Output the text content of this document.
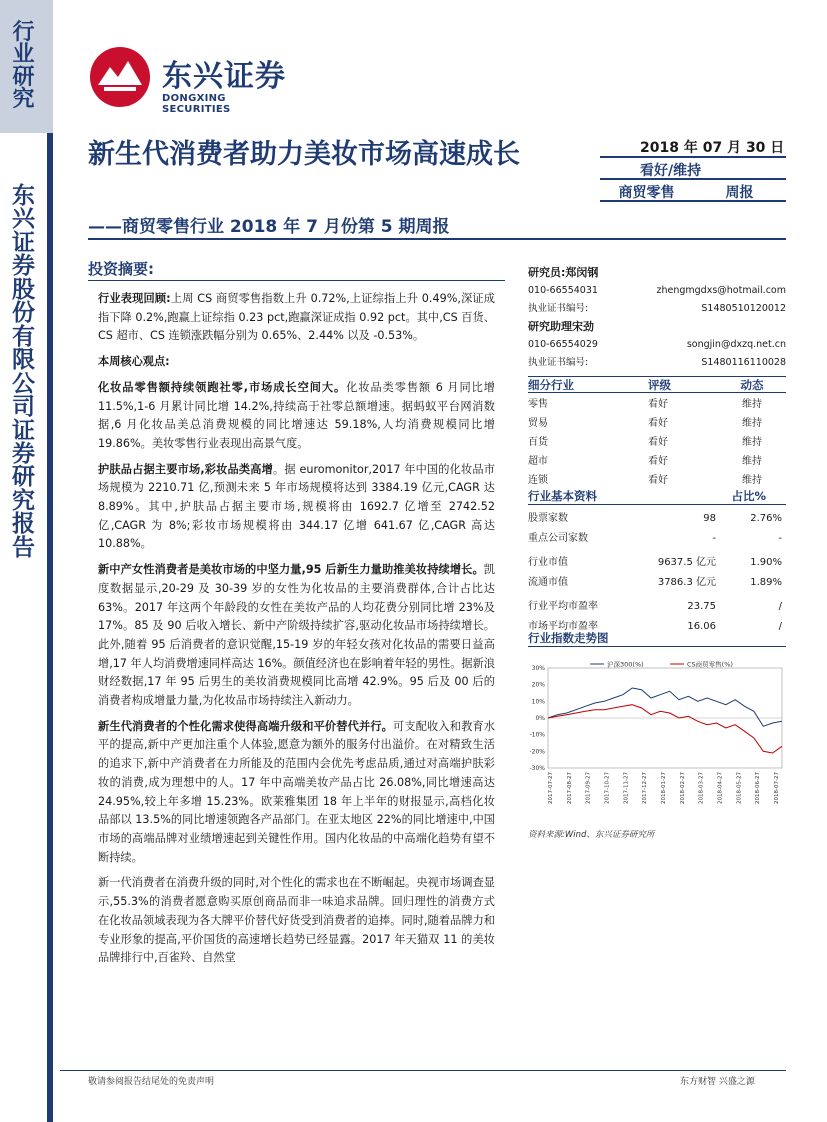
行
业
研
究
东
兴
证
券
股
份
有
限
公
司
证
券
研
究
报
告
东兴证券
DONGXING SECURITIES
新生代消费者助力美妆市场高速成长
——商贸零售行业 2018 年 7 月份第 5 期周报
2018 年 07 月 30 日
看好/维持
商贸零售	周报
投资摘要:

行业表现回顾:上周 CS 商贸零售指数上升 0.72%,上证综指上升 0.49%,深证成指下降 0.2%,跑赢上证综指 0.23 pct,跑赢深证成指 0.92 pct。其中,CS 百货、CS 超市、CS 连锁涨跌幅分别为 0.65%、2.44% 以及 -0.53%。

本周核心观点:

化妆品零售额持续领跑社零,市场成长空间大。化妆品类零售额 6 月同比增 11.5%,1-6 月累计同比增 14.2%,持续高于社零总额增速。据蚂蚁平台网消数据,6 月化妆品美总消费规模的同比增速达 59.18%,人均消费规模同比增 19.86%。美妆零售行业表现出高景气度。

护肤品占据主要市场,彩妆品类高增。据 euromonitor,2017 年中国的化妆品市场规模为 2210.71 亿,预测未来 5 年市场规模将达到 3384.19 亿元,CAGR 达 8.89%。其中,护肤品占据主要市场,规模将由 1692.7 亿增至 2742.52 亿,CAGR 为 8%;彩妆市场规模将由 344.17 亿增 641.67 亿,CAGR 高达 10.88%。

新中产女性消费者是美妆市场的中坚力量,95 后新生力量助推美妆持续增长。凯度数据显示,20-29 及 30-39 岁的女性为化妆品的主要消费群体,合计占比达 63%。2017 年这两个年龄段的女性在美妆产品的人均花费分别同比增 23%及 17%。85 及 90 后收入增长、新中产阶级持续扩容,驱动化妆品市场持续增长。此外,随着 95 后消费者的意识觉醒,15-19 岁的年轻女孩对化妆品的需要日益高增,17 年人均消费增速同样高达 16%。颜值经济也在影响着年轻的男性。据新浪财经数据,17 年 95 后男生的美妆消费规模同比高增 42.9%。95 后及 00 后的消费者构成增量力量,为化妆品市场持续注入新动力。

新生代消费者的个性化需求使得高端升级和平价替代并行。可支配收入和教育水平的提高,新中产更加注重个人体验,愿意为额外的服务付出溢价。在对精致生活的追求下,新中产消费者在力所能及的范围内会优先考虑品质,通过对高端护肤彩妆的消费,成为理想中的人。17 年中高端美妆产品占比 26.08%,同比增速高达 24.95%,较上年多增 15.23%。欧莱雅集团 18 年上半年的财报显示,高档化妆品部以 13.5%的同比增速领跑各产品部门。在亚太地区 22%的同比增速中,中国市场的高端品牌对业绩增速起到关键性作用。国内化妆品的中高端化趋势有望不断持续。

新一代消费者在消费升级的同时,对个性化的需求也在不断崛起。央视市场调查显示,55.3%的消费者愿意购买原创商品而非一味追求品牌。回归理性的消费方式在化妆品领域表现为各大牌平价替代好货受到消费者的追捧。同时,随着品牌力和专业形象的提高,平价国货的高速增长趋势已经显露。2017 年天猫双 11 的美妆品牌排行中,百雀羚、自然堂

研究员:郑闵钢
010-66554031	zhengmgdxs@hotmail.com
执业证书编号:	S1480510120012
研究助理宋劲
010-66554029	songjin@dxzq.net.cn
执业证书编号:	S1480116110028
细分行业	评级	动态
零售	看好	维持
贸易	看好	维持
百货	看好	维持
超市	看好	维持
连锁	看好	维持
行业基本资料	占比%
股票家数	98	2.76%
重点公司家数	-	-
行业市值	9637.5 亿元	1.90%
流通市值	3786.3 亿元	1.89%
行业平均市盈率	23.75	/
市场平均市盈率	16.06	/
行业指数走势图
30%
20%
10%
0%
-10%
-20%
-30%
2017-07-27 2017-08-27 2017-09-27 2017-10-27 2017-11-27 2017-12-27 2018-01-27 2018-02-27 2018-03-27 2018-04-27 2018-05-27 2018-06-27 2018-07-27
沪深300(%)	CS商贸零售(%)
资料来源:Wind、东兴证券研究所
敬请参阅报告结尾处的免责声明	东方财智 兴盛之源
